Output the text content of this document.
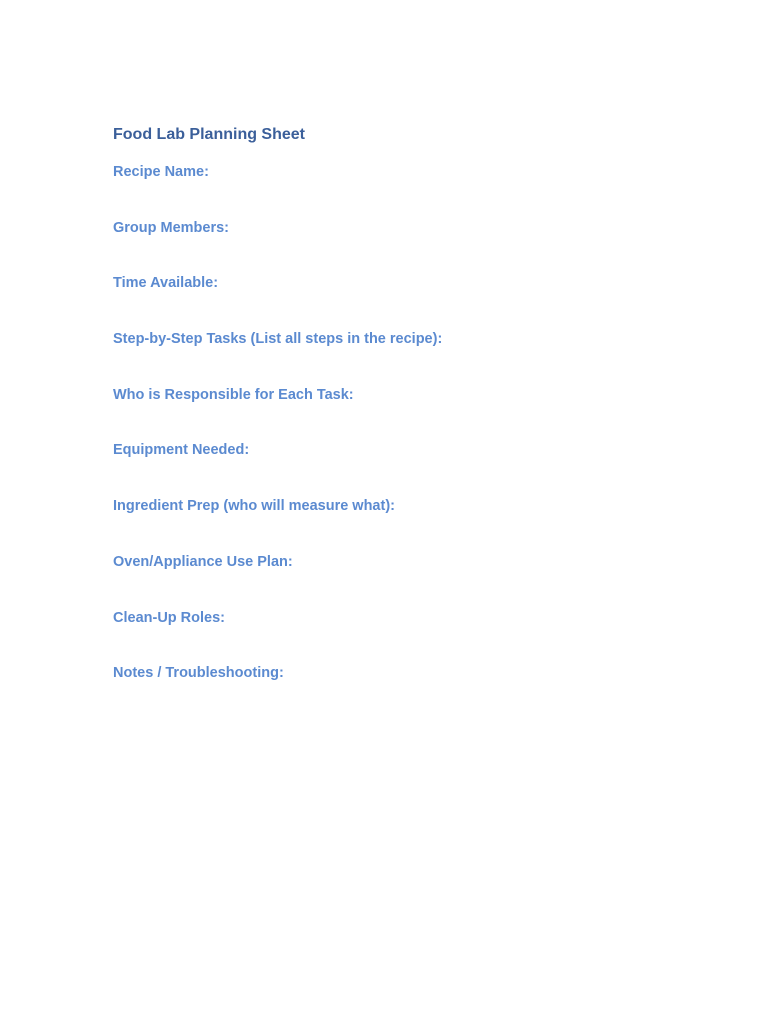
Food Lab Planning Sheet
Recipe Name:
Group Members:
Time Available:
Step-by-Step Tasks (List all steps in the recipe):
Who is Responsible for Each Task:
Equipment Needed:
Ingredient Prep (who will measure what):
Oven/Appliance Use Plan:
Clean-Up Roles:
Notes / Troubleshooting:
